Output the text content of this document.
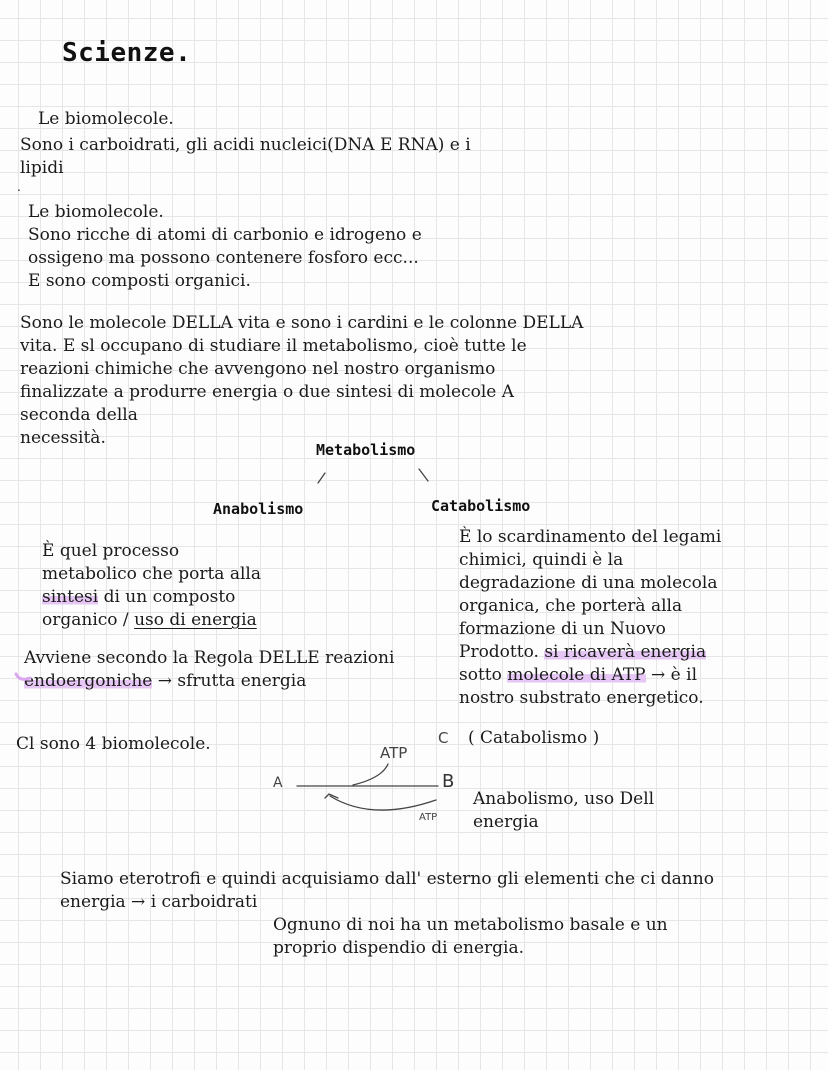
Scienze.

Le biomolecole.

Sono i carboidrati, gli acidi nucleici(DNA E RNA) e i

lipidi

.

Le biomolecole.

Sono ricche di atomi di carbonio e idrogeno e

ossigeno ma possono contenere fosforo ecc...

E sono composti organici.

Sono le molecole DELLA vita e sono i cardini e le colonne DELLA

vita. E sl occupano di studiare il metabolismo, cioè tutte le

reazioni chimiche che avvengono nel nostro organismo

finalizzate a produrre energia o due sintesi di molecole A

seconda della

necessità.

Metabolismo

Anabolismo	Catabolismo

È quel processo

metabolico che porta alla

sintesi di un composto

organico / uso di energia

Avviene secondo la Regola DELLE reazioni

endoergoniche → sfrutta energia

È lo scardinamento del legami

chimici, quindi è la

degradazione di una molecola

organica, che porterà alla

formazione di un Nuovo

Prodotto. si ricaverà energia

sotto molecole di ATP → è il

nostro substrato energetico.

Cl sono 4 biomolecole.	ATP

A	B

C ( Catabolismo )

ATP

Anabolismo, uso Dell

energia

Siamo eterotrofi e quindi acquisiamo dall' esterno gli elementi che ci danno

energia → i carboidrati

Ognuno di noi ha un metabolismo basale e un

proprio dispendio di energia.
